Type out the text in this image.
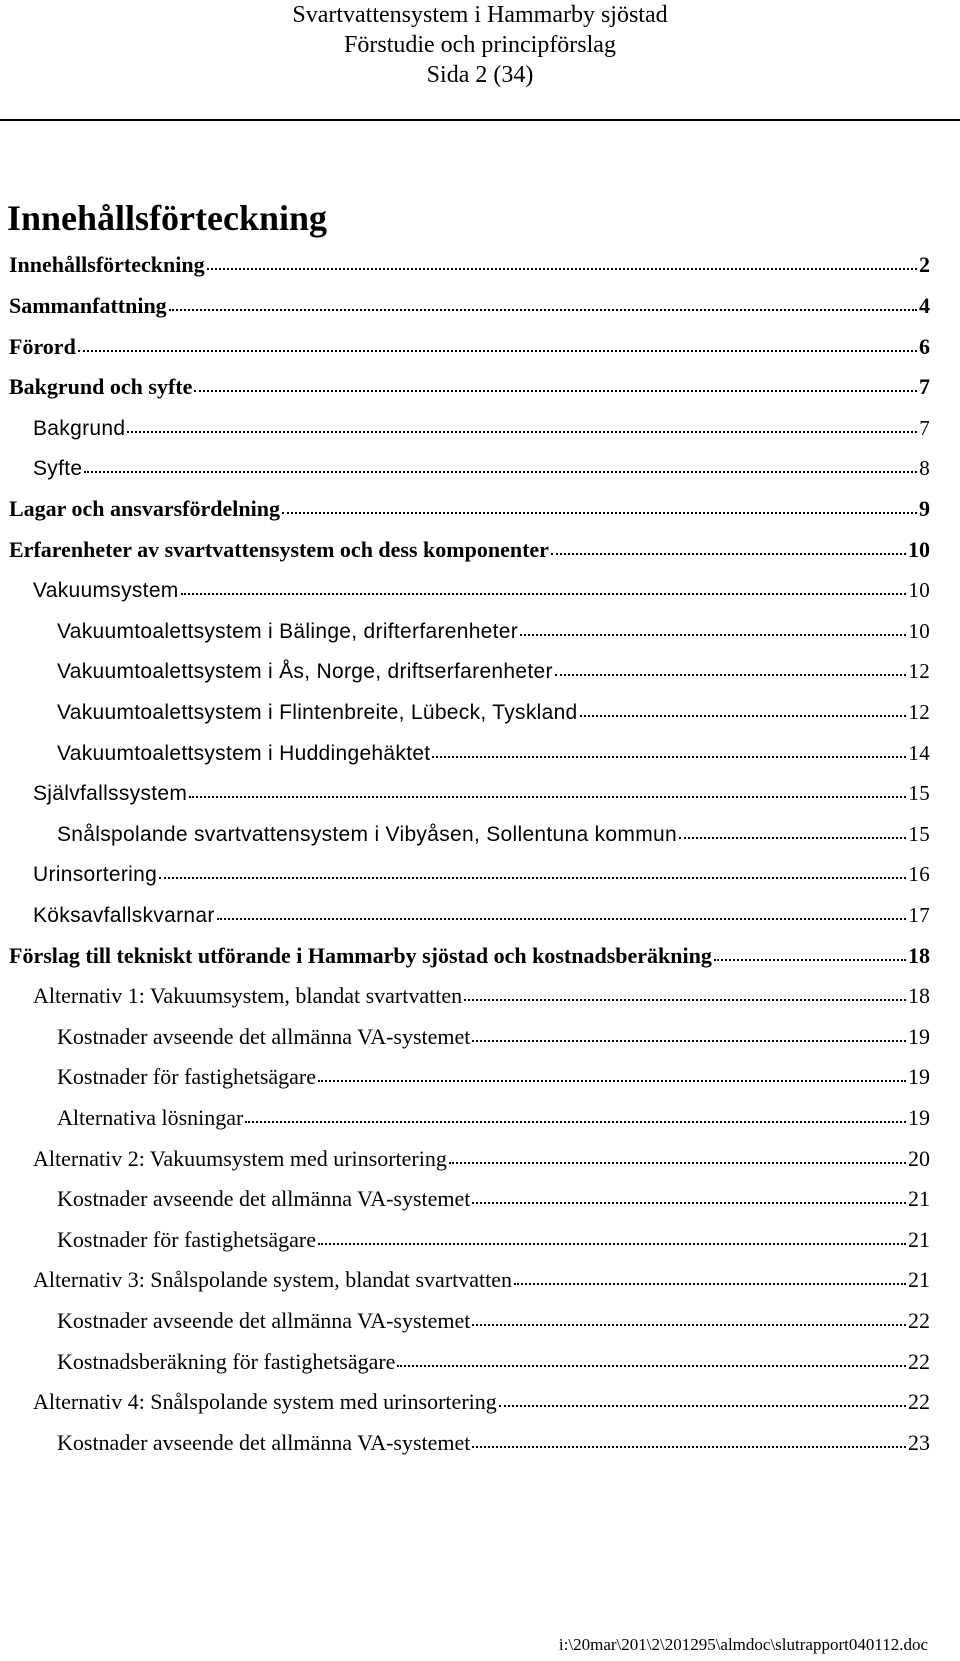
Svartvattensystem i Hammarby sjöstad
Förstudie och principförslag
Sida 2 (34)
Innehållsförteckning
Innehållsförteckning	2
Sammanfattning	4
Förord	6
Bakgrund och syfte	7
Bakgrund	7
Syfte	8
Lagar och ansvarsfördelning	9
Erfarenheter av svartvattensystem och dess komponenter	10
Vakuumsystem	10
Vakuumtoalettsystem i Bälinge, drifterfarenheter	10
Vakuumtoalettsystem i Ås, Norge, driftserfarenheter	12
Vakuumtoalettsystem i Flintenbreite, Lübeck, Tyskland	12
Vakuumtoalettsystem i Huddingehäktet	14
Självfallssystem	15
Snålspolande svartvattensystem i Vibyåsen, Sollentuna kommun	15
Urinsortering	16
Köksavfallskvarnar	17
Förslag till tekniskt utförande i Hammarby sjöstad och kostnadsberäkning	18
Alternativ 1: Vakuumsystem, blandat svartvatten	18
Kostnader avseende det allmänna VA-systemet	19
Kostnader för fastighetsägare	19
Alternativa lösningar	19
Alternativ 2: Vakuumsystem med urinsortering	20
Kostnader avseende det allmänna VA-systemet	21
Kostnader för fastighetsägare	21
Alternativ 3: Snålspolande system, blandat svartvatten	21
Kostnader avseende det allmänna VA-systemet	22
Kostnadsberäkning för fastighetsägare	22
Alternativ 4: Snålspolande system med urinsortering	22
Kostnader avseende det allmänna VA-systemet	23
i:\20mar\201\2\201295\almdoc\slutrapport040112.doc
